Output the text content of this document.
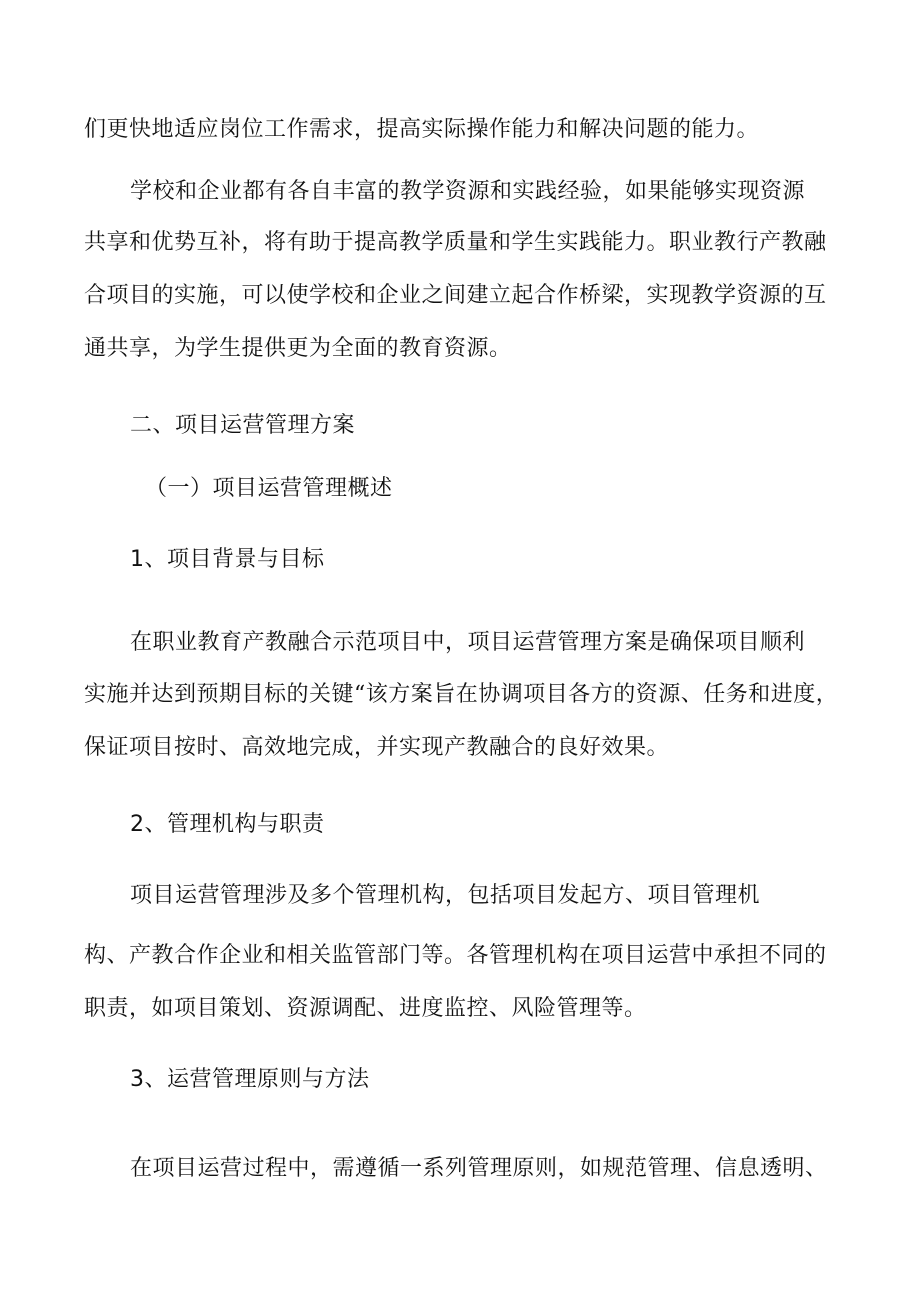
们更快地适应岗位工作需求，提高实际操作能力和解决问题的能力。
学校和企业都有各自丰富的教学资源和实践经验，如果能够实现资源
共享和优势互补，将有助于提高教学质量和学生实践能力。职业教行产教融
合项目的实施，可以使学校和企业之间建立起合作桥梁，实现教学资源的互
通共享，为学生提供更为全面的教育资源。
二、项目运营管理方案
（一）项目运营管理概述
1、项目背景与目标
在职业教育产教融合示范项目中，项目运营管理方案是确保项目顺利
实施并达到预期目标的关键“该方案旨在协调项目各方的资源、任务和进度，
保证项目按时、高效地完成，并实现产教融合的良好效果。
2、管理机构与职责
项目运营管理涉及多个管理机构，包括项目发起方、项目管理机
构、产教合作企业和相关监管部门等。各管理机构在项目运营中承担不同的
职责，如项目策划、资源调配、进度监控、风险管理等。
3、运营管理原则与方法
在项目运营过程中，需遵循一系列管理原则，如规范管理、信息透明、
